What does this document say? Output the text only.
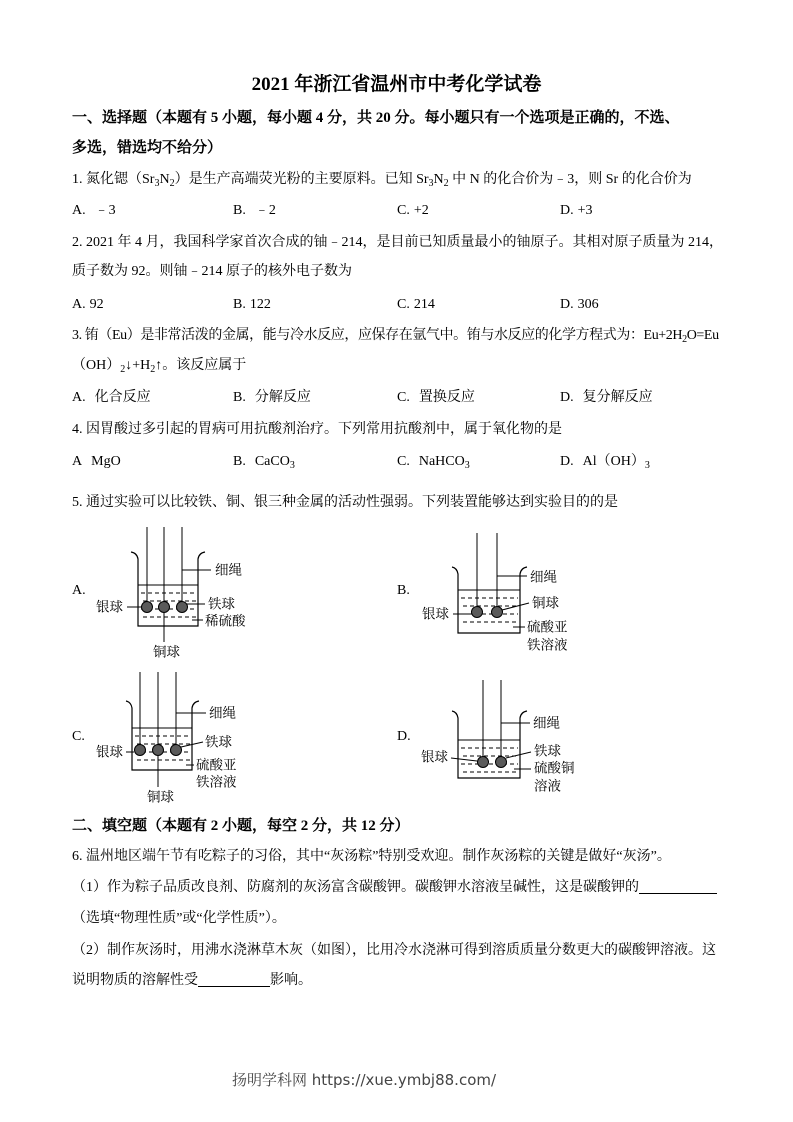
2021 年浙江省温州市中考化学试卷
一、选择题（本题有 5 小题，每小题 4 分，共 20 分。每小题只有一个选项是正确的，不选、
多选，错选均不给分）
1. 氮化锶$(Sr_3N_2)$是生产高端荧光粉的主要原料。已知 $Sr_3N_2$ 中 N 的化合价为﹣3，则 Sr 的化合价为
A. ﹣3	B. ﹣2	C. +2	D. +3
2. 2021 年 4 月，我国科学家首次合成的铀﹣214，是目前已知质量最小的铀原子。其相对原子质量为 214，
质子数为 92。则铀﹣214 原子的核外电子数为
A. 92	B. 122	C. 214	D. 306
3. 铕（Eu）是非常活泼的金属，能与冷水反应，应保存在氩气中。铕与水反应的化学方程式为：$Eu+2H_2O=Eu$
$(OH)_2↓+H_2↑$。该反应属于
A. 化合反应	B. 分解反应	C. 置换反应	D. 复分解反应
4. 因胃酸过多引起的胃病可用抗酸剂治疗。下列常用抗酸剂中，属于氧化物的是
A MgO	B. CaCO$_3$	C. NaHCO$_3$	D. $Al(OH)_3$
5. 通过实验可以比较铁、铜、银三种金属的活动性强弱。下列装置能够达到实验目的的是
A.	B.
C.	D.
细绳
银球	铁球
稀硫酸
铜球
细绳
银球
铜球
硫酸亚
铁溶液
细绳
银球
铁球
硫酸亚
铁溶液
铜球
细绳
银球	铁球
硫酸铜
溶液
二、填空题（本题有 2 小题，每空 2 分，共 12 分）
6. 温州地区端午节有吃粽子的习俗，其中“灰汤粽”特别受欢迎。制作灰汤粽的关键是做好“灰汤”。
（1）作为粽子品质改良剂、防腐剂的灰汤富含碳酸钾。碳酸钾水溶液呈碱性，这是碳酸钾的
（选填“物理性质”或“化学性质”）。
（2）制作灰汤时，用沸水浇淋草木灰（如图），比用冷水浇淋可得到溶质质量分数更大的碳酸钾溶液。这
说明物质的溶解性受	影响。
扬明学科网 https://xue.ymbj88.com/
